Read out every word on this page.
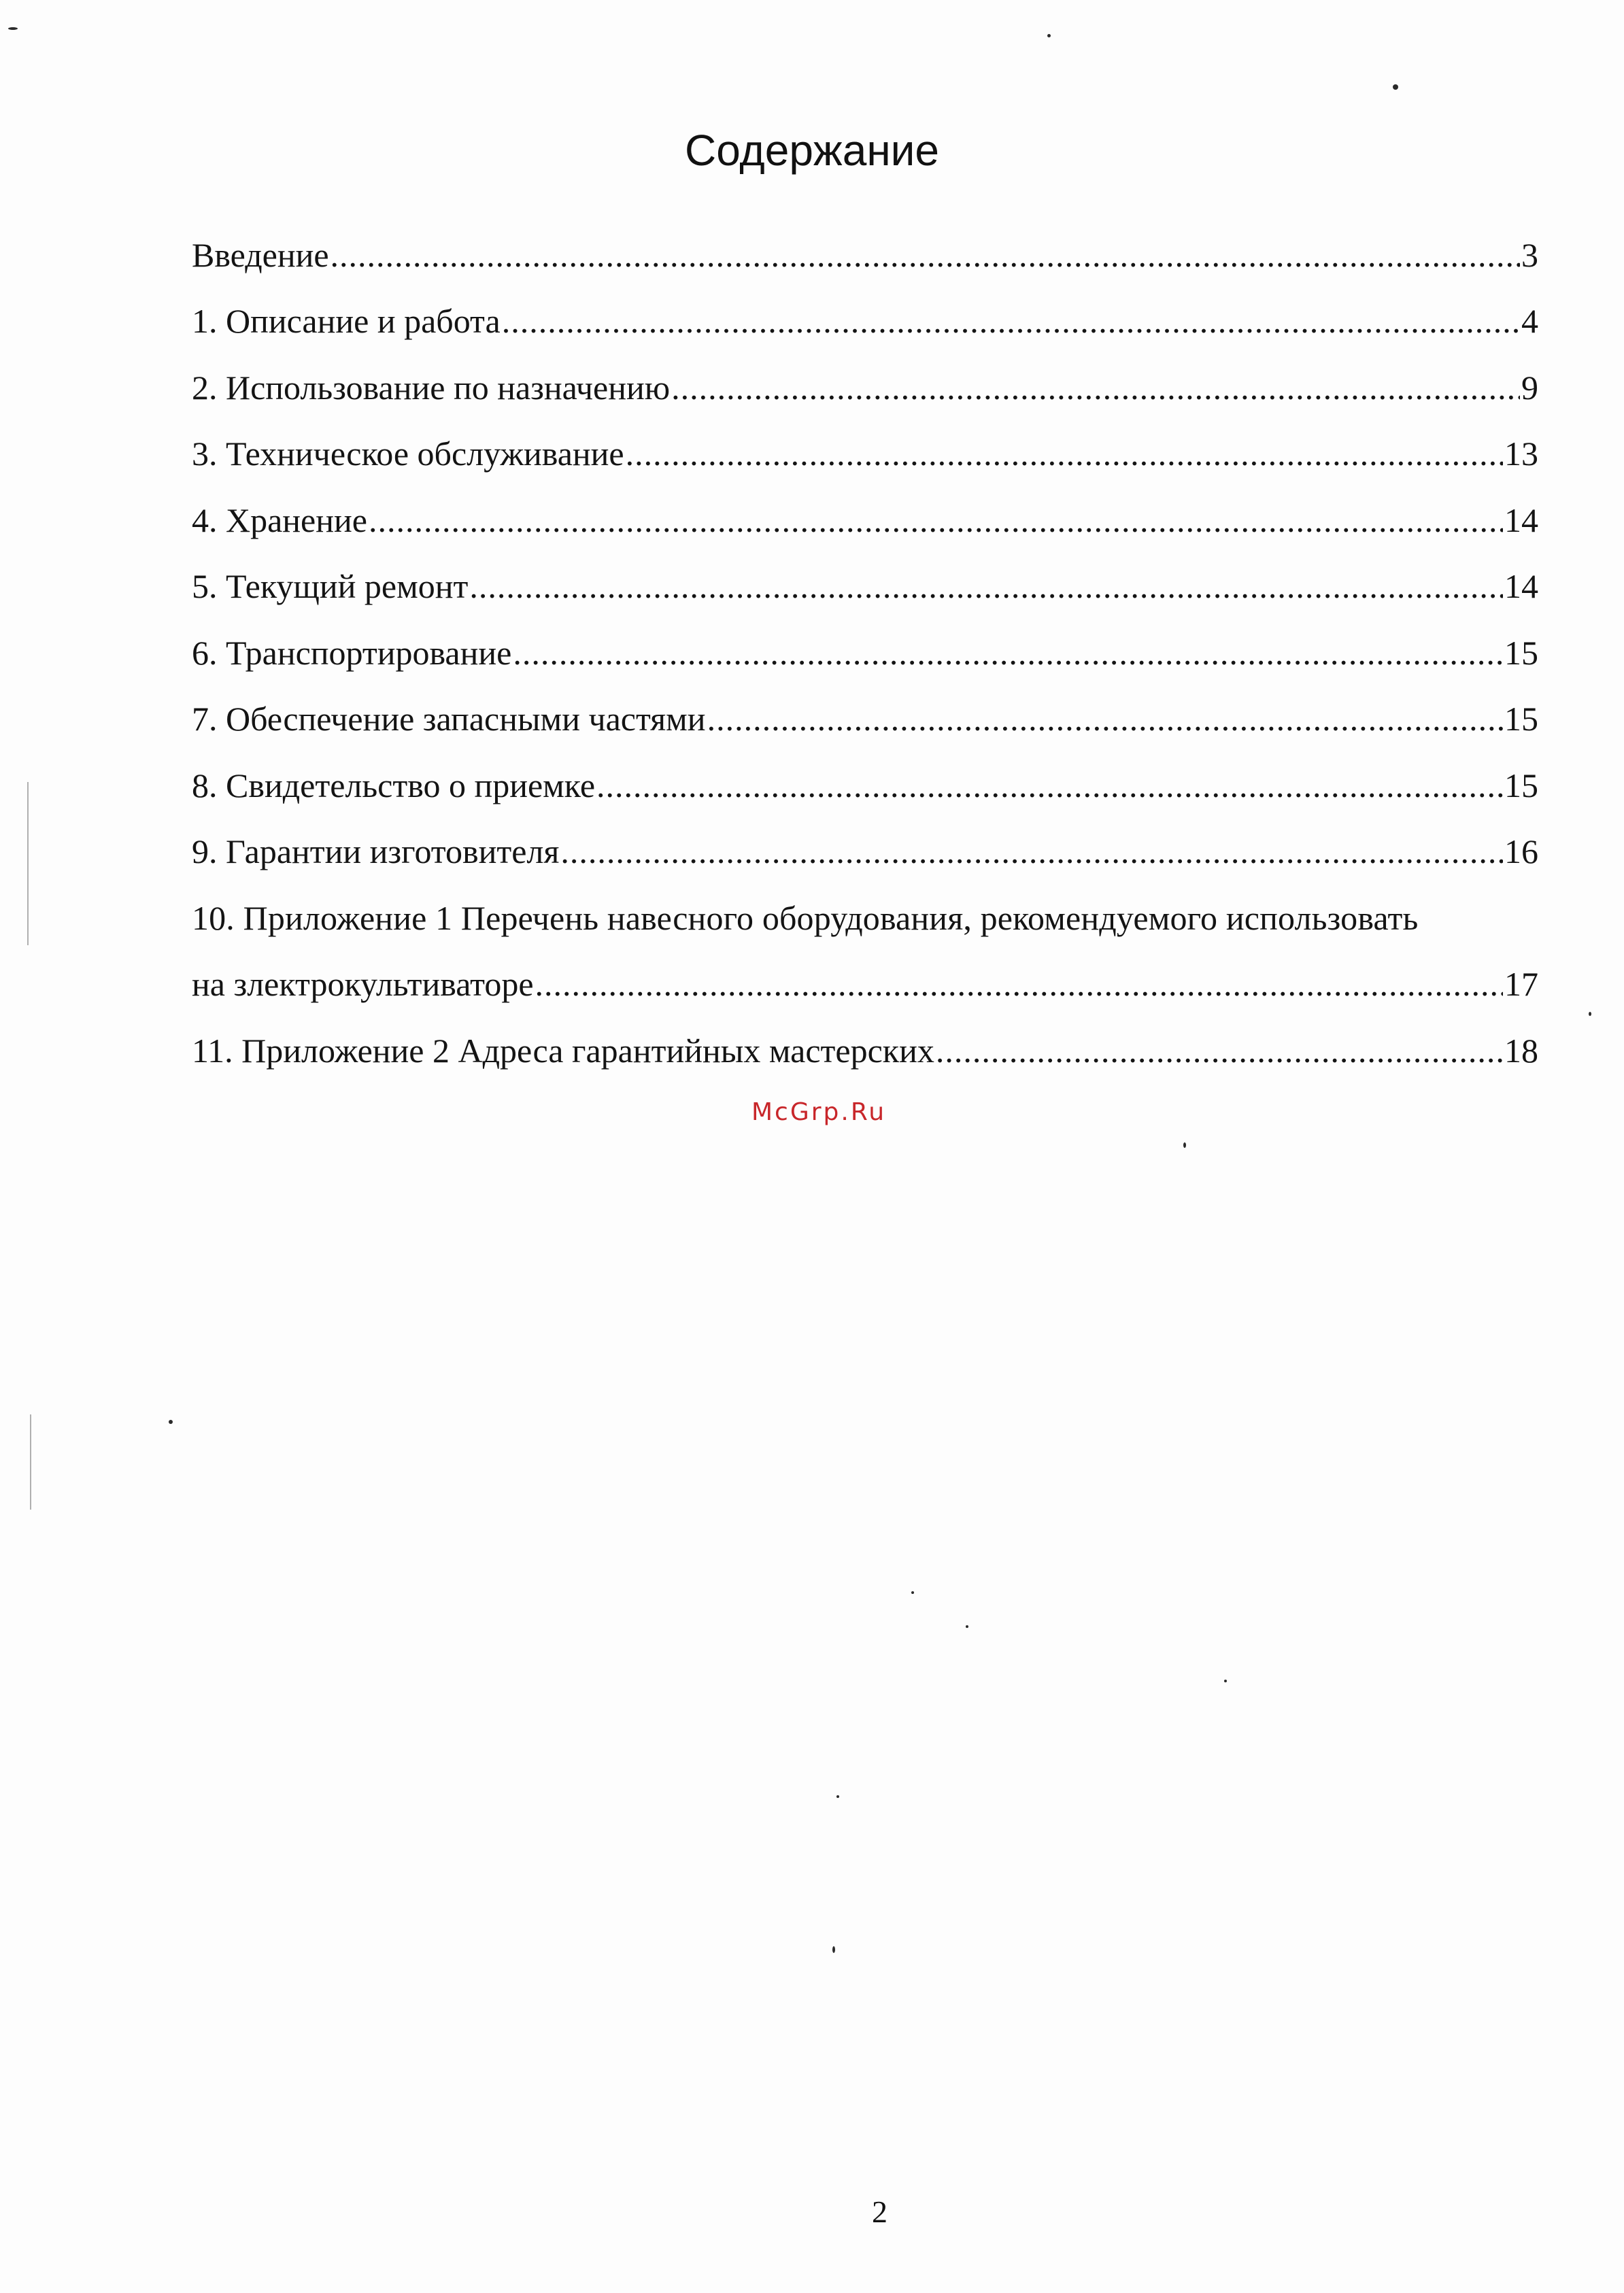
Содержание
Введение .....	3
1. Описание и работа .....	4
2. Использование по назначению .....	9
3. Техническое обслуживание .....	13
4. Хранение .....	14
5. Текущий ремонт .....	14
6. Транспортирование .....	15
7. Обеспечение запасными частями .....	15
8. Свидетельство о приемке .....	15
9. Гарантии изготовителя .....	16
10. Приложение 1 Перечень навесного оборудования, рекомендуемого использовать
на злектрокультиваторе .....	17
11. Приложение 2 Адреса гарантийных мастерских .....	18
McGrp.Ru
2
